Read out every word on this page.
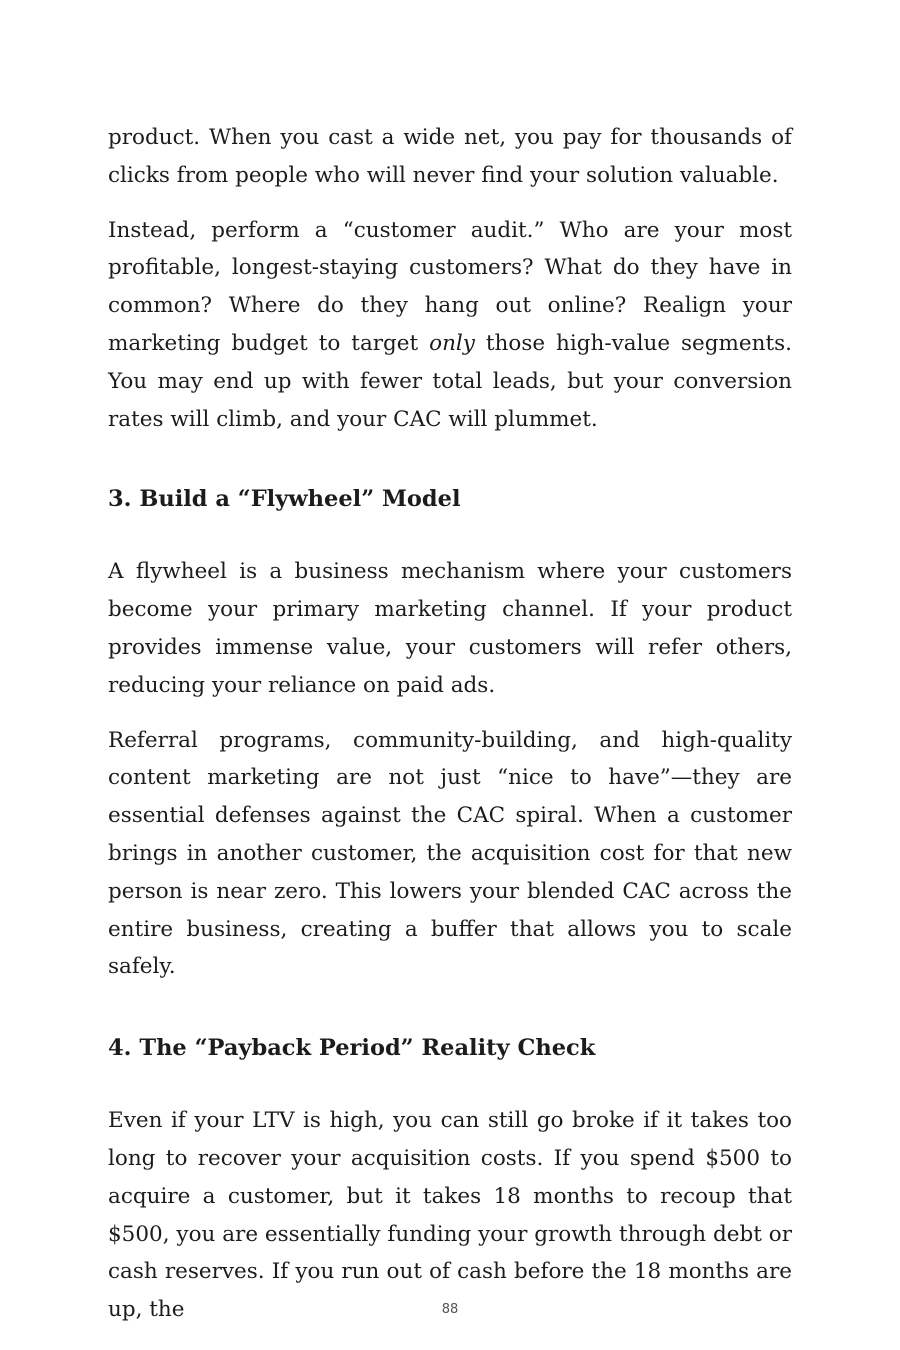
product. When you cast a wide net, you pay for thousands of clicks from people who will never find your solution valuable.

Instead, perform a “customer audit.” Who are your most profitable, longest-staying customers? What do they have in common? Where do they hang out online? Realign your marketing budget to target only those high-value segments. You may end up with fewer total leads, but your conversion rates will climb, and your CAC will plummet.

3. Build a “Flywheel” Model

A flywheel is a business mechanism where your customers become your primary marketing channel. If your product provides immense value, your customers will refer others, reducing your reliance on paid ads.

Referral programs, community-building, and high-quality content marketing are not just “nice to have”—they are essential defenses against the CAC spiral. When a customer brings in another customer, the acquisition cost for that new person is near zero. This lowers your blended CAC across the entire business, creating a buffer that allows you to scale safely.

4. The “Payback Period” Reality Check

Even if your LTV is high, you can still go broke if it takes too long to recover your acquisition costs. If you spend $500 to acquire a customer, but it takes 18 months to recoup that $500, you are essentially funding your growth through debt or cash reserves. If you run out of cash before the 18 months are up, the	88
